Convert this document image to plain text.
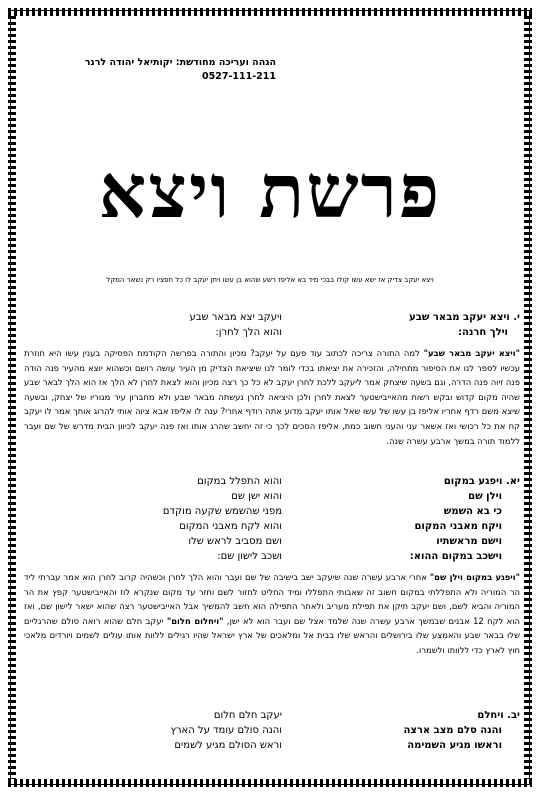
הגהה ועריכה מחודשת: יקותיאל יהודה לרנר
0527-111-211
פרשת ויצא
ויצא יעקב צדיק אז ישא עשו קולו בבכי מיד בא אליפז רשע שהוא בן עשו ויתן יעקב לו כל חפציו רק נשאר המקל
י. ויצא יעקב מבאר שבע
ויעקב יצא מבאר שבע
וילך חרנה:
והוא הלך לחרן:
"ויצא יעקב מבאר שבע" למה התורה צריכה לכתוב עוד פעם על יעקב? מכיון והתורה בפרשה הקודמת הפסיקה בענין עשו היא חוזרת עכשיו לספר לנו את הסיפור מתחילה, והזכירה את יציאתו בכדי לומר לנו שיציאת הצדיק מן העיר עושה רושם וכשהוא יוצא מהעיר פנה הודה פנה זיוה פנה הדרה, וגם בשעה שיצחק אמר ליעקב ללכת לחרן יעקב לא כל כך רצה מכיון והוא לצאת לחרן לא הלך אז הוא הלך לבאר שבע שהיה מקום קדוש ובקש רשות מהאייבישטער לצאת לחרן ולכן היציאה לחרן נעשתה מבאר שבע ולא מחברון עיר מגוריו של יצחק, ובשעה שיצא משם רדף אחריו אליפז בן עשו של עשו שאל אותו יעקב מדוע אתה רודף אחרי? ענה לו אליפז אבא ציוה אותי להרוג אותך אמר לו יעקב קח את כל רכושי ואז אשאר עני והעני חשוב כמת, אליפז הסכים לכך כי זה יחשב שהרג אותו ואז פנה יעקב לכיוון הבית מדרש של שם ועבר ללמוד תורה במשך ארבע עשרה שנה.
יא. ויפגע במקום
והוא התפלל במקום
וילן שם
והוא ישן שם
כי בא השמש
מפני שהשמש שקעה מוקדם
ויקח מאבני המקום
והוא לקח מאבני המקום
וישם מראשתיו
ושם מסביב לראש שלו
וישכב במקום ההוא:
ושכב לישון שם:
"ויפגע במקום וילן שם" אחרי ארבע עשרה שנה שיעקב ישב בישיבה של שם ועבר והוא הלך לחרן וכשהיה קרוב לחרן הוא אמר עברתי ליד הר המוריה ולא התפללתי במקום חשוב זה שאבותי התפללו ומיד החליט לחזור לשם וחזר עד מקום שנקרא לוז והאייבישטער קפץ את הר המוריה והביא לשם, ושם יעקב תיקן את תפילת מעריב ולאחר התפילה הוא חשב להמשיך אבל האייבישטער רצה שהוא ישאר לישון שם, ואז הוא לקח 12 אבנים שבמשך ארבע עשרה שנה שלמד אצל שם ועבר הוא לא ישן, "ויחלום חלום" יעקב חלם שהוא רואה סולם שהרגליים שלו בבאר שבע והאמצע שלו בירושלים והראש שלו בבית אל ומלאכים של ארץ ישראל שהיו רגילים ללוות אותו עולים לשמים ויורדים מלאכי חוץ לארץ כדי ללוותו ולשמרו.
יב. ויחלם
יעקב חלם חלום
והנה סלם מצב ארצה
והנה סולם עומד על הארץ
וראשו מגיע השמימה
וראש הסולם מגיע לשמים
